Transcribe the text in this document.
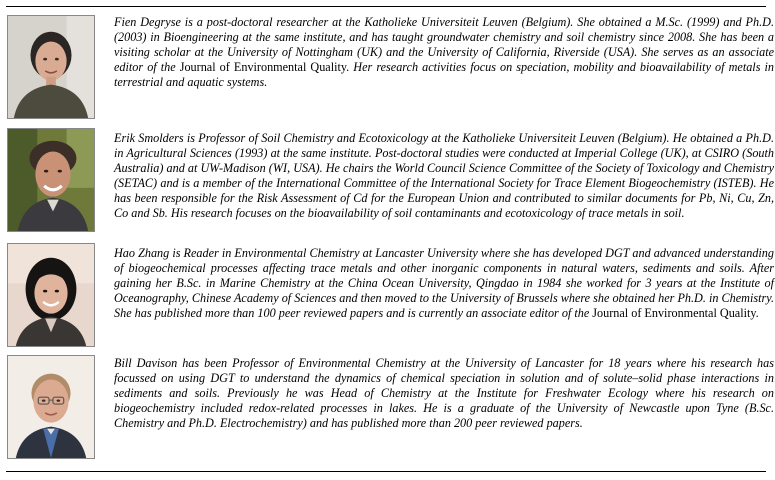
Fien Degryse is a post-doctoral researcher at the Katholieke Universiteit Leuven (Belgium). She obtained a M.Sc. (1999) and Ph.D. (2003) in Bioengineering at the same institute, and has taught groundwater chemistry and soil chemistry since 2008. She has been a visiting scholar at the University of Nottingham (UK) and the University of California, Riverside (USA). She serves as an associate editor of the Journal of Environmental Quality. Her research activities focus on speciation, mobility and bioavailability of metals in terrestrial and aquatic systems.
Erik Smolders is Professor of Soil Chemistry and Ecotoxicology at the Katholieke Universiteit Leuven (Belgium). He obtained a Ph.D. in Agricultural Sciences (1993) at the same institute. Post-doctoral studies were conducted at Imperial College (UK), at CSIRO (South Australia) and at UW-Madison (WI, USA). He chairs the World Council Science Committee of the Society of Toxicology and Chemistry (SETAC) and is a member of the International Committee of the International Society for Trace Element Biogeochemistry (ISTEB). He has been responsible for the Risk Assessment of Cd for the European Union and contributed to similar documents for Pb, Ni, Cu, Zn, Co and Sb. His research focuses on the bioavailability of soil contaminants and ecotoxicology of trace metals in soil.
Hao Zhang is Reader in Environmental Chemistry at Lancaster University where she has developed DGT and advanced understanding of biogeochemical processes affecting trace metals and other inorganic components in natural waters, sediments and soils. After gaining her B.Sc. in Marine Chemistry at the China Ocean University, Qingdao in 1984 she worked for 3 years at the Institute of Oceanography, Chinese Academy of Sciences and then moved to the University of Brussels where she obtained her Ph.D. in Chemistry. She has published more than 100 peer reviewed papers and is currently an associate editor of the Journal of Environmental Quality.
Bill Davison has been Professor of Environmental Chemistry at the University of Lancaster for 18 years where his research has focussed on using DGT to understand the dynamics of chemical speciation in solution and of solute–solid phase interactions in sediments and soils. Previously he was Head of Chemistry at the Institute for Freshwater Ecology where his research on biogeochemistry included redox-related processes in lakes. He is a graduate of the University of Newcastle upon Tyne (B.Sc. Chemistry and Ph.D. Electrochemistry) and has published more than 200 peer reviewed papers.
